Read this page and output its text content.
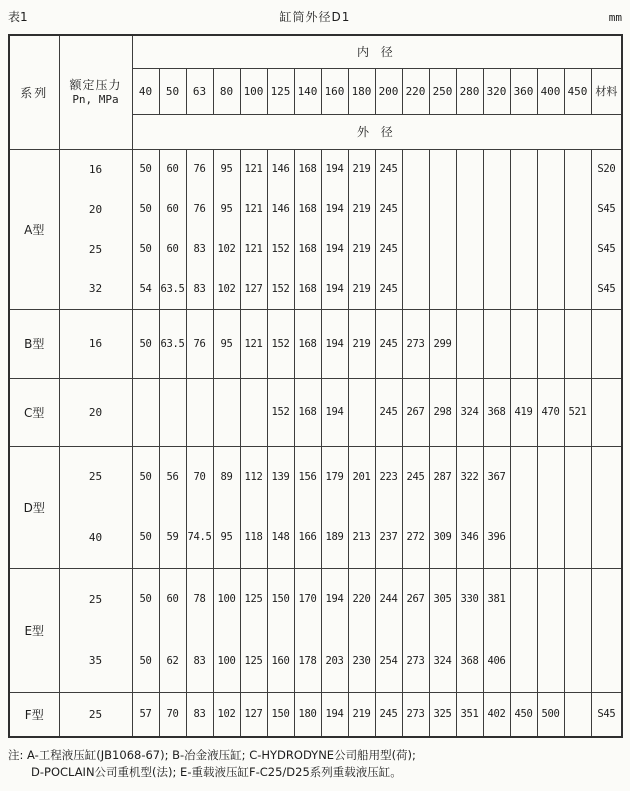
表1	缸筒外径D1	mm
系列	额定压力
Pn, MPa	内 径																	
		40	50	63	80	100	125	140	160	180	200	220	250	280	320	360	400	450	材料
		外 径																	
A型	16	50	60	76	95	121	146	168	194	219	245								S20
	20	50	60	76	95	121	146	168	194	219	245								S45
	25	50	60	83	102	121	152	168	194	219	245								S45
	32	54	63.5	83	102	127	152	168	194	219	245								S45
B型	16	50	63.5	76	95	121	152	168	194	219	245	273	299						
C型	20						152	168	194		245	267	298	324	368	419	470	521	
D型	25	50	56	70	89	112	139	156	179	201	223	245	287	322	367				
	40	50	59	74.5	95	118	148	166	189	213	237	272	309	346	396				
E型	25	50	60	78	100	125	150	170	194	220	244	267	305	330	381				
	35	50	62	83	100	125	160	178	203	230	254	273	324	368	406				
F型	25	57	70	83	102	127	150	180	194	219	245	273	325	351	402	450	500		S45
注: A-工程液压缸(JB1068-67); B-冶金液压缸; C-HYDRODYNE公司船用型(荷);
D-POCLAIN公司重机型(法); E-重载液压缸F-C25/D25系列重载液压缸。
